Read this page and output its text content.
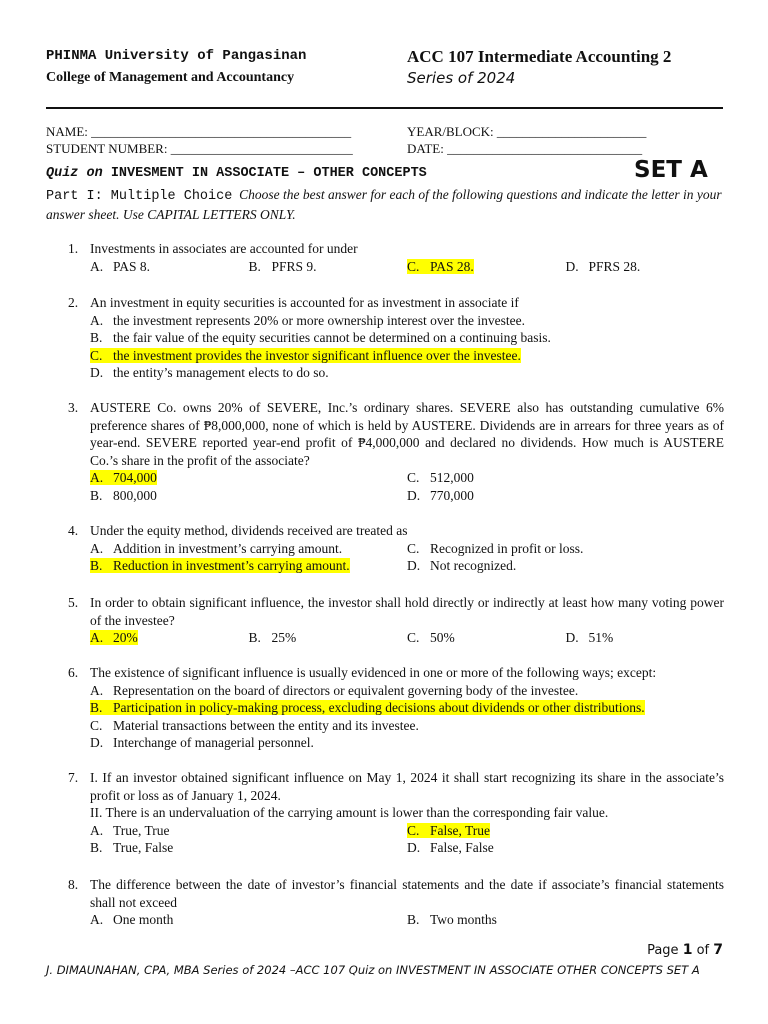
PHINMA University of Pangasinan
College of Management and Accountancy
ACC 107 Intermediate Accounting 2
Series of 2024
NAME: ________________________________________
STUDENT NUMBER: ____________________________
YEAR/BLOCK: _______________________
DATE: ______________________________
Quiz on INVESMENT IN ASSOCIATE – OTHER CONCEPTS	SET A
Part I: Multiple Choice Choose the best answer for each of the following questions and indicate the letter in your answer sheet. Use CAPITAL LETTERS ONLY.
1. Investments in associates are accounted for under
A. PAS 8.	B. PFRS 9.	C. PAS 28.	D. PFRS 28.
2. An investment in equity securities is accounted for as investment in associate if
A. the investment represents 20% or more ownership interest over the investee.
B. the fair value of the equity securities cannot be determined on a continuing basis.
C. the investment provides the investor significant influence over the investee.
D. the entity’s management elects to do so.
3. AUSTERE Co. owns 20% of SEVERE, Inc.’s ordinary shares. SEVERE also has outstanding cumulative 6% preference shares of ₱8,000,000, none of which is held by AUSTERE. Dividends are in arrears for three years as of year-end. SEVERE reported year-end profit of ₱4,000,000 and declared no dividends. How much is AUSTERE Co.’s share in the profit of the associate?
A. 704,000	C. 512,000
B. 800,000	D. 770,000
4. Under the equity method, dividends received are treated as
A. Addition in investment’s carrying amount.	C. Recognized in profit or loss.
B. Reduction in investment’s carrying amount.	D. Not recognized.
5. In order to obtain significant influence, the investor shall hold directly or indirectly at least how many voting power of the investee?
A. 20%	B. 25%	C. 50%	D. 51%
6. The existence of significant influence is usually evidenced in one or more of the following ways; except:
A. Representation on the board of directors or equivalent governing body of the investee.
B. Participation in policy-making process, excluding decisions about dividends or other distributions.
C. Material transactions between the entity and its investee.
D. Interchange of managerial personnel.
7. I. If an investor obtained significant influence on May 1, 2024 it shall start recognizing its share in the associate’s profit or loss as of January 1, 2024.
II. There is an undervaluation of the carrying amount is lower than the corresponding fair value.
A. True, True	C. False, True
B. True, False	D. False, False
8. The difference between the date of investor’s financial statements and the date if associate’s financial statements shall not exceed
A. One month	B. Two months
Page 1 of 7
J. DIMAUNAHAN, CPA, MBA Series of 2024 –ACC 107 Quiz on INVESTMENT IN ASSOCIATE OTHER CONCEPTS SET A
